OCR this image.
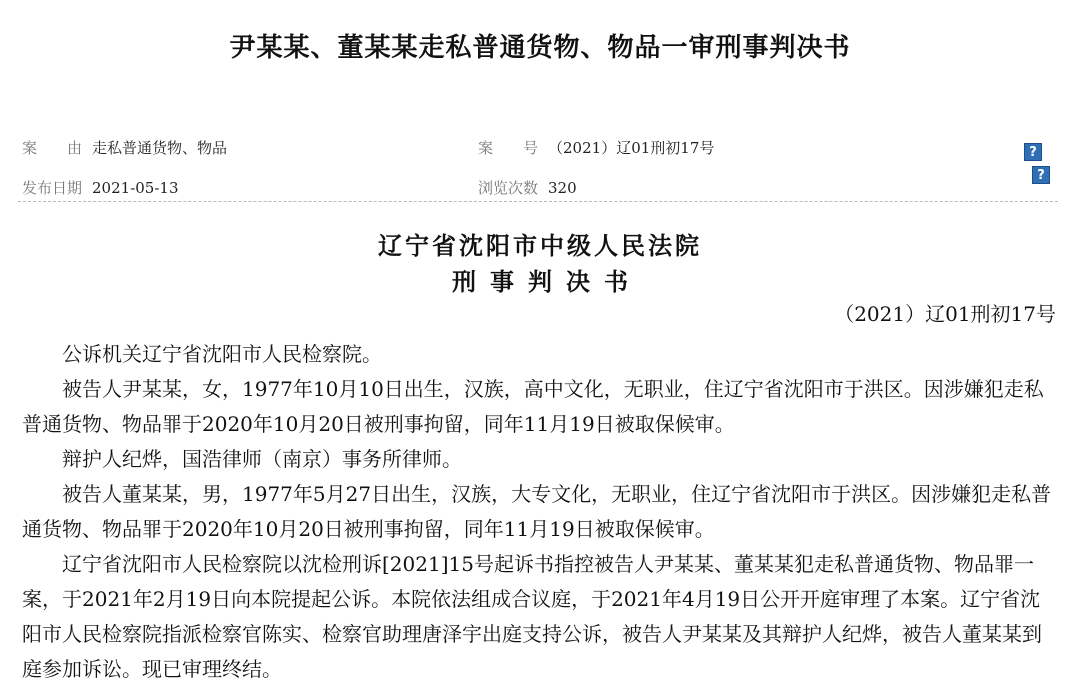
尹某某、董某某走私普通货物、物品一审刑事判决书
案　　由 走私普通货物、物品	案　　号 （2021）辽01刑初17号	?
发布日期 2021-05-13	浏览次数 320
?
辽宁省沈阳市中级人民法院
刑事判决书
（2021）辽01刑初17号

公诉机关辽宁省沈阳市人民检察院。

被告人尹某某，女，1977年10月10日出生，汉族，高中文化，无职业，住辽宁省沈阳市于洪区。因涉嫌犯走私普通货物、物品罪于2020年10月20日被刑事拘留，同年11月19日被取保候审。

辩护人纪烨，国浩律师（南京）事务所律师。

被告人董某某，男，1977年5月27日出生，汉族，大专文化，无职业，住辽宁省沈阳市于洪区。因涉嫌犯走私普通货物、物品罪于2020年10月20日被刑事拘留，同年11月19日被取保候审。

辽宁省沈阳市人民检察院以沈检刑诉[2021]15号起诉书指控被告人尹某某、董某某犯走私普通货物、物品罪一案，于2021年2月19日向本院提起公诉。本院依法组成合议庭，于2021年4月19日公开开庭审理了本案。辽宁省沈阳市人民检察院指派检察官陈实、检察官助理唐泽宇出庭支持公诉，被告人尹某某及其辩护人纪烨，被告人董某某到庭参加诉讼。现已审理终结。
